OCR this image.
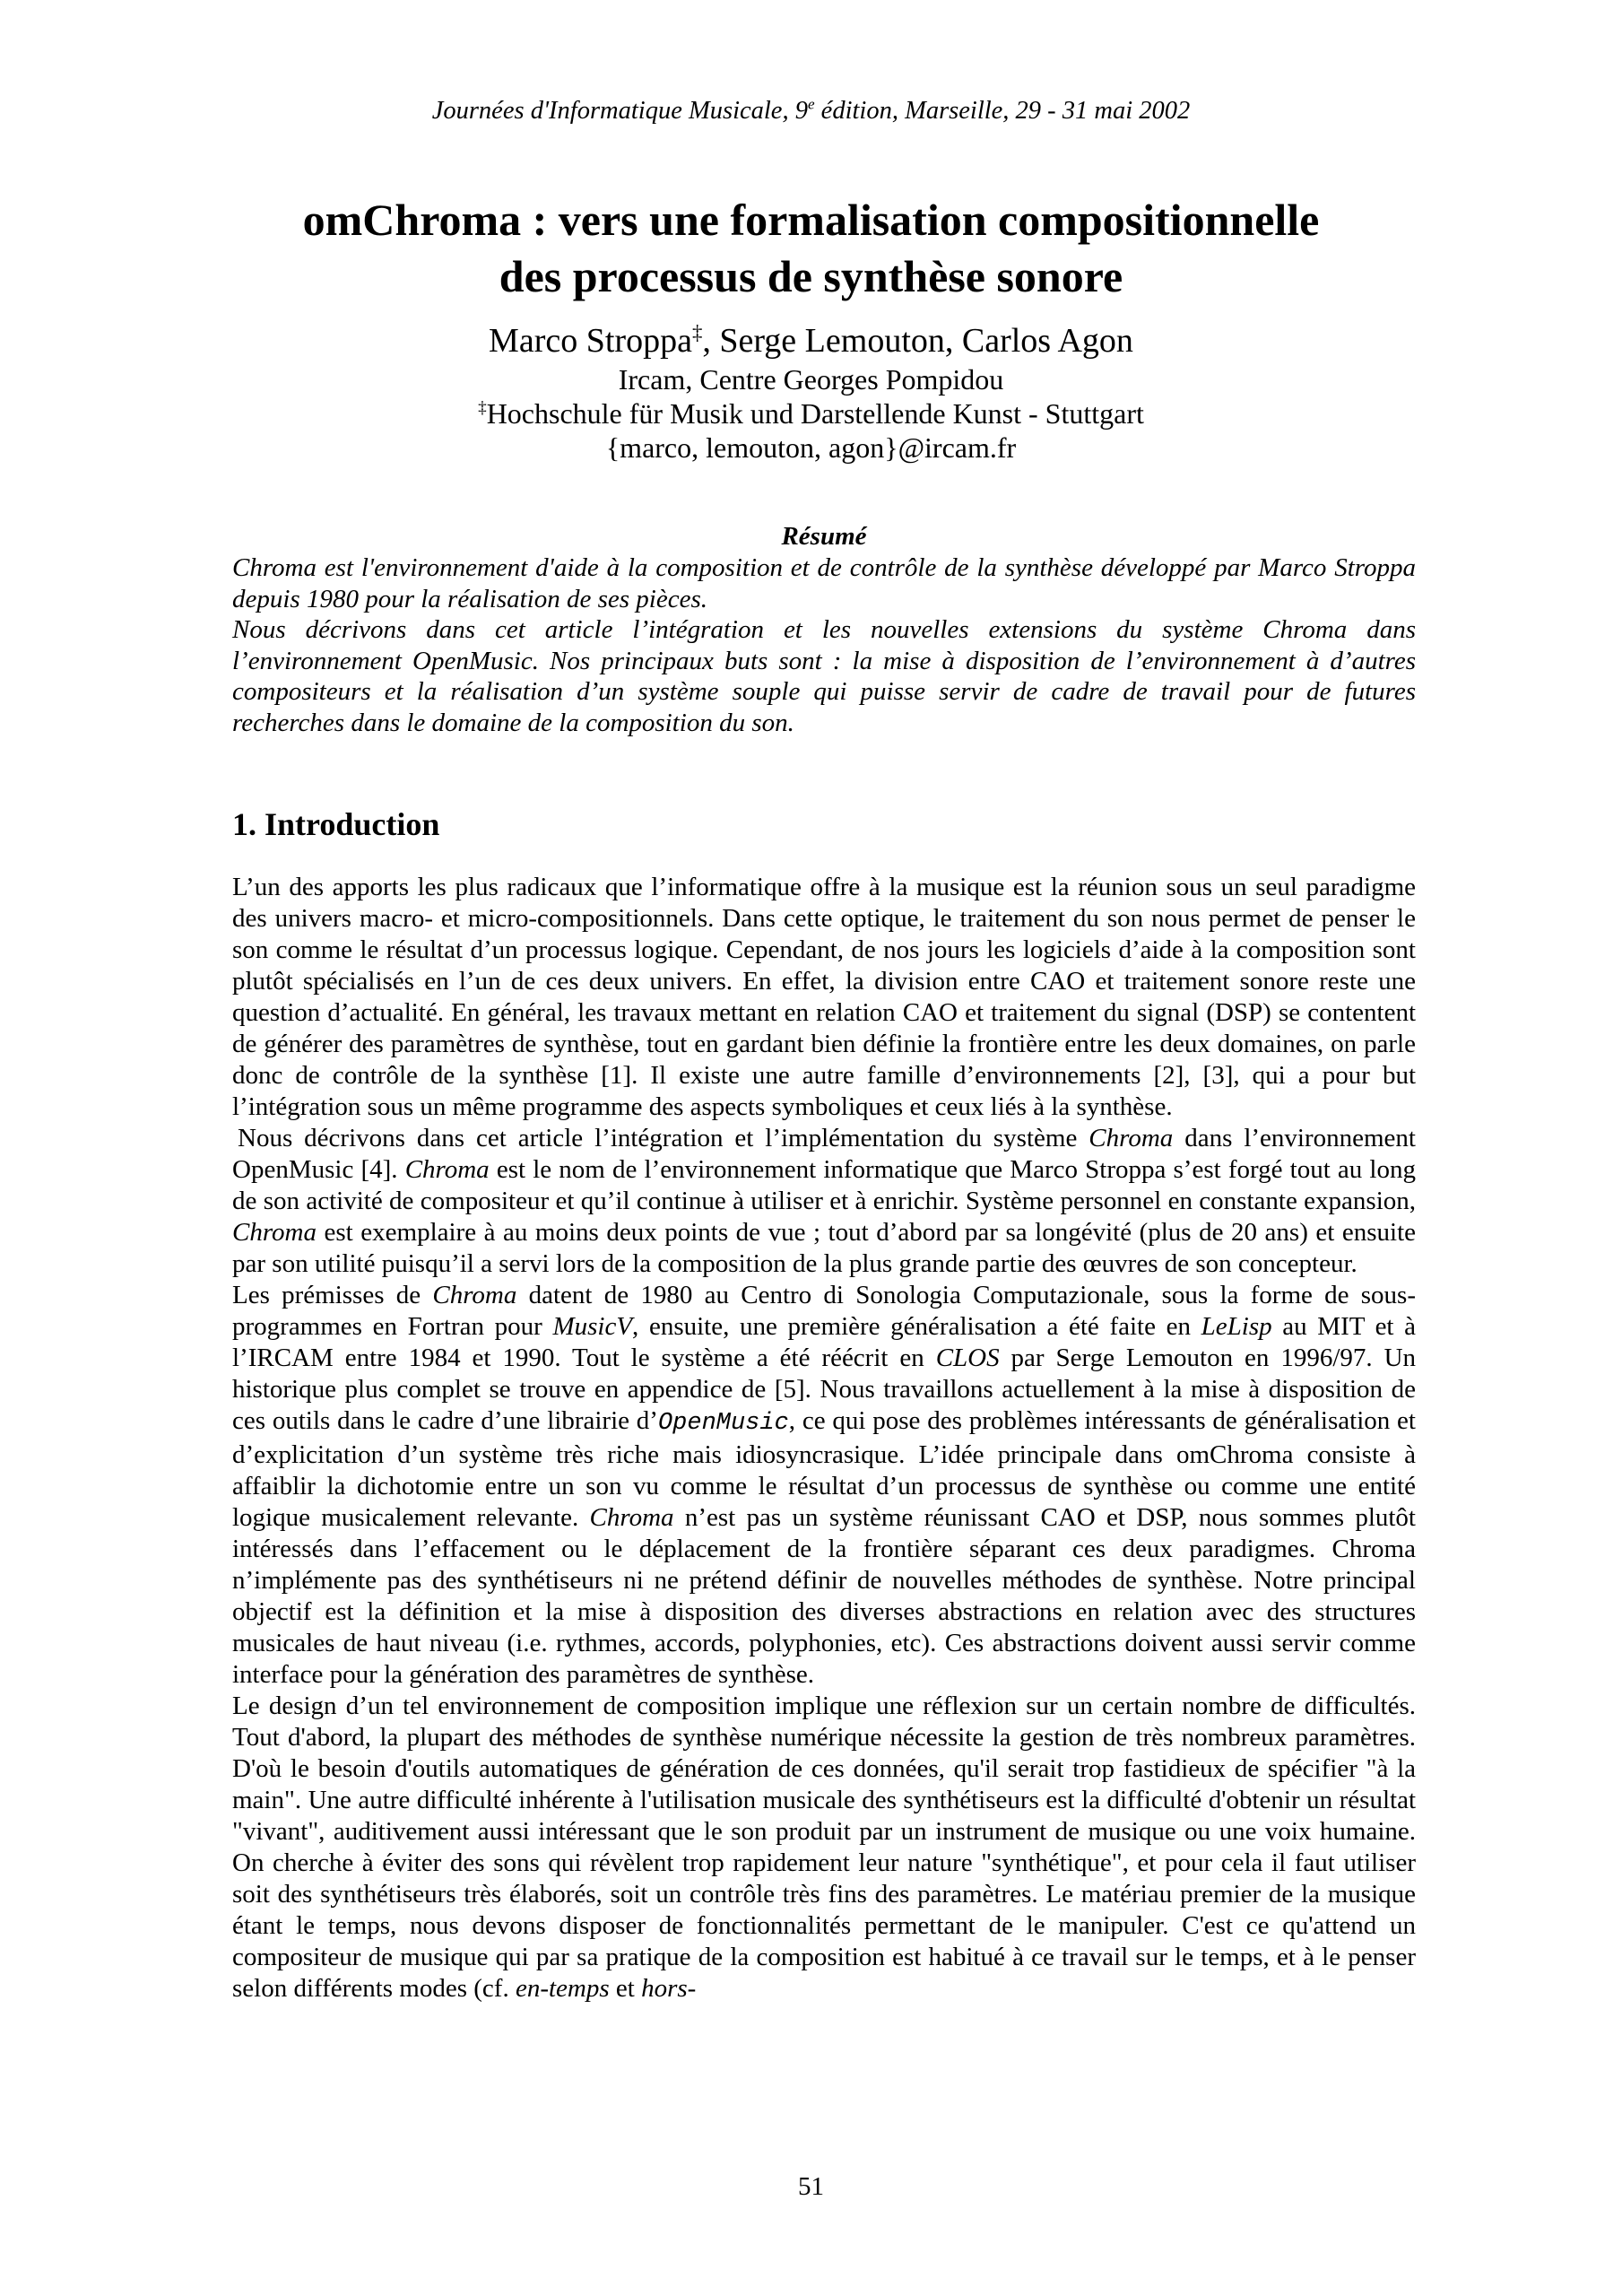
Journées d'Informatique Musicale, 9e édition, Marseille, 29 - 31 mai 2002
omChroma : vers une formalisation compositionnelle
des processus de synthèse sonore
Marco Stroppa‡, Serge Lemouton, Carlos Agon
Ircam, Centre Georges Pompidou
‡Hochschule für Musik und Darstellende Kunst - Stuttgart
{marco, lemouton, agon}@ircam.fr
Résumé

Chroma est l'environnement d'aide à la composition et de contrôle de la synthèse développé par Marco Stroppa depuis 1980 pour la réalisation de ses pièces.

Nous décrivons dans cet article l’intégration et les nouvelles extensions du système Chroma dans l’environnement OpenMusic. Nos principaux buts sont : la mise à disposition de l’environnement à d’autres compositeurs et la réalisation d’un système souple qui puisse servir de cadre de travail pour de futures recherches dans le domaine de la composition du son.

1. Introduction

L’un des apports les plus radicaux que l’informatique offre à la musique est la réunion sous un seul paradigme des univers macro- et micro-compositionnels. Dans cette optique, le traitement du son nous permet de penser le son comme le résultat d’un processus logique. Cependant, de nos jours les logiciels d’aide à la composition sont plutôt spécialisés en l’un de ces deux univers. En effet, la division entre CAO et traitement sonore reste une question d’actualité. En général, les travaux mettant en relation CAO et traitement du signal (DSP) se contentent de générer des paramètres de synthèse, tout en gardant bien définie la frontière entre les deux domaines, on parle donc de contrôle de la synthèse [1]. Il existe une autre famille d’environnements [2], [3], qui a pour but l’intégration sous un même programme des aspects symboliques et ceux liés à la synthèse.

Nous décrivons dans cet article l’intégration et l’implémentation du système Chroma dans l’environnement OpenMusic [4]. Chroma est le nom de l’environnement informatique que Marco Stroppa s’est forgé tout au long de son activité de compositeur et qu’il continue à utiliser et à enrichir. Système personnel en constante expansion, Chroma est exemplaire à au moins deux points de vue ; tout d’abord par sa longévité (plus de 20 ans) et ensuite par son utilité puisqu’il a servi lors de la composition de la plus grande partie des œuvres de son concepteur.

Les prémisses de Chroma datent de 1980 au Centro di Sonologia Computazionale, sous la forme de sous-programmes en Fortran pour MusicV, ensuite, une première généralisation a été faite en LeLisp au MIT et à l’IRCAM entre 1984 et 1990. Tout le système a été réécrit en CLOS par Serge Lemouton en 1996/97. Un historique plus complet se trouve en appendice de [5]. Nous travaillons actuellement à la mise à disposition de ces outils dans le cadre d’une librairie d’OpenMusic, ce qui pose des problèmes intéressants de généralisation et d’explicitation d’un système très riche mais idiosyncrasique. L’idée principale dans omChroma consiste à affaiblir la dichotomie entre un son vu comme le résultat d’un processus de synthèse ou comme une entité logique musicalement relevante. Chroma n’est pas un système réunissant CAO et DSP, nous sommes plutôt intéressés dans l’effacement ou le déplacement de la frontière séparant ces deux paradigmes. Chroma n’implémente pas des synthétiseurs ni ne prétend définir de nouvelles méthodes de synthèse. Notre principal objectif est la définition et la mise à disposition des diverses abstractions en relation avec des structures musicales de haut niveau (i.e. rythmes, accords, polyphonies, etc). Ces abstractions doivent aussi servir comme interface pour la génération des paramètres de synthèse.

Le design d’un tel environnement de composition implique une réflexion sur un certain nombre de difficultés. Tout d'abord, la plupart des méthodes de synthèse numérique nécessite la gestion de très nombreux paramètres. D'où le besoin d'outils automatiques de génération de ces données, qu'il serait trop fastidieux de spécifier "à la main". Une autre difficulté inhérente à l'utilisation musicale des synthétiseurs est la difficulté d'obtenir un résultat "vivant", auditivement aussi intéressant que le son produit par un instrument de musique ou une voix humaine. On cherche à éviter des sons qui révèlent trop rapidement leur nature "synthétique", et pour cela il faut utiliser soit des synthétiseurs très élaborés, soit un contrôle très fins des paramètres. Le matériau premier de la musique étant le temps, nous devons disposer de fonctionnalités permettant de le manipuler. C'est ce qu'attend un compositeur de musique qui par sa pratique de la composition est habitué à ce travail sur le temps, et à le penser selon différents modes (cf. en-temps et hors-

51
